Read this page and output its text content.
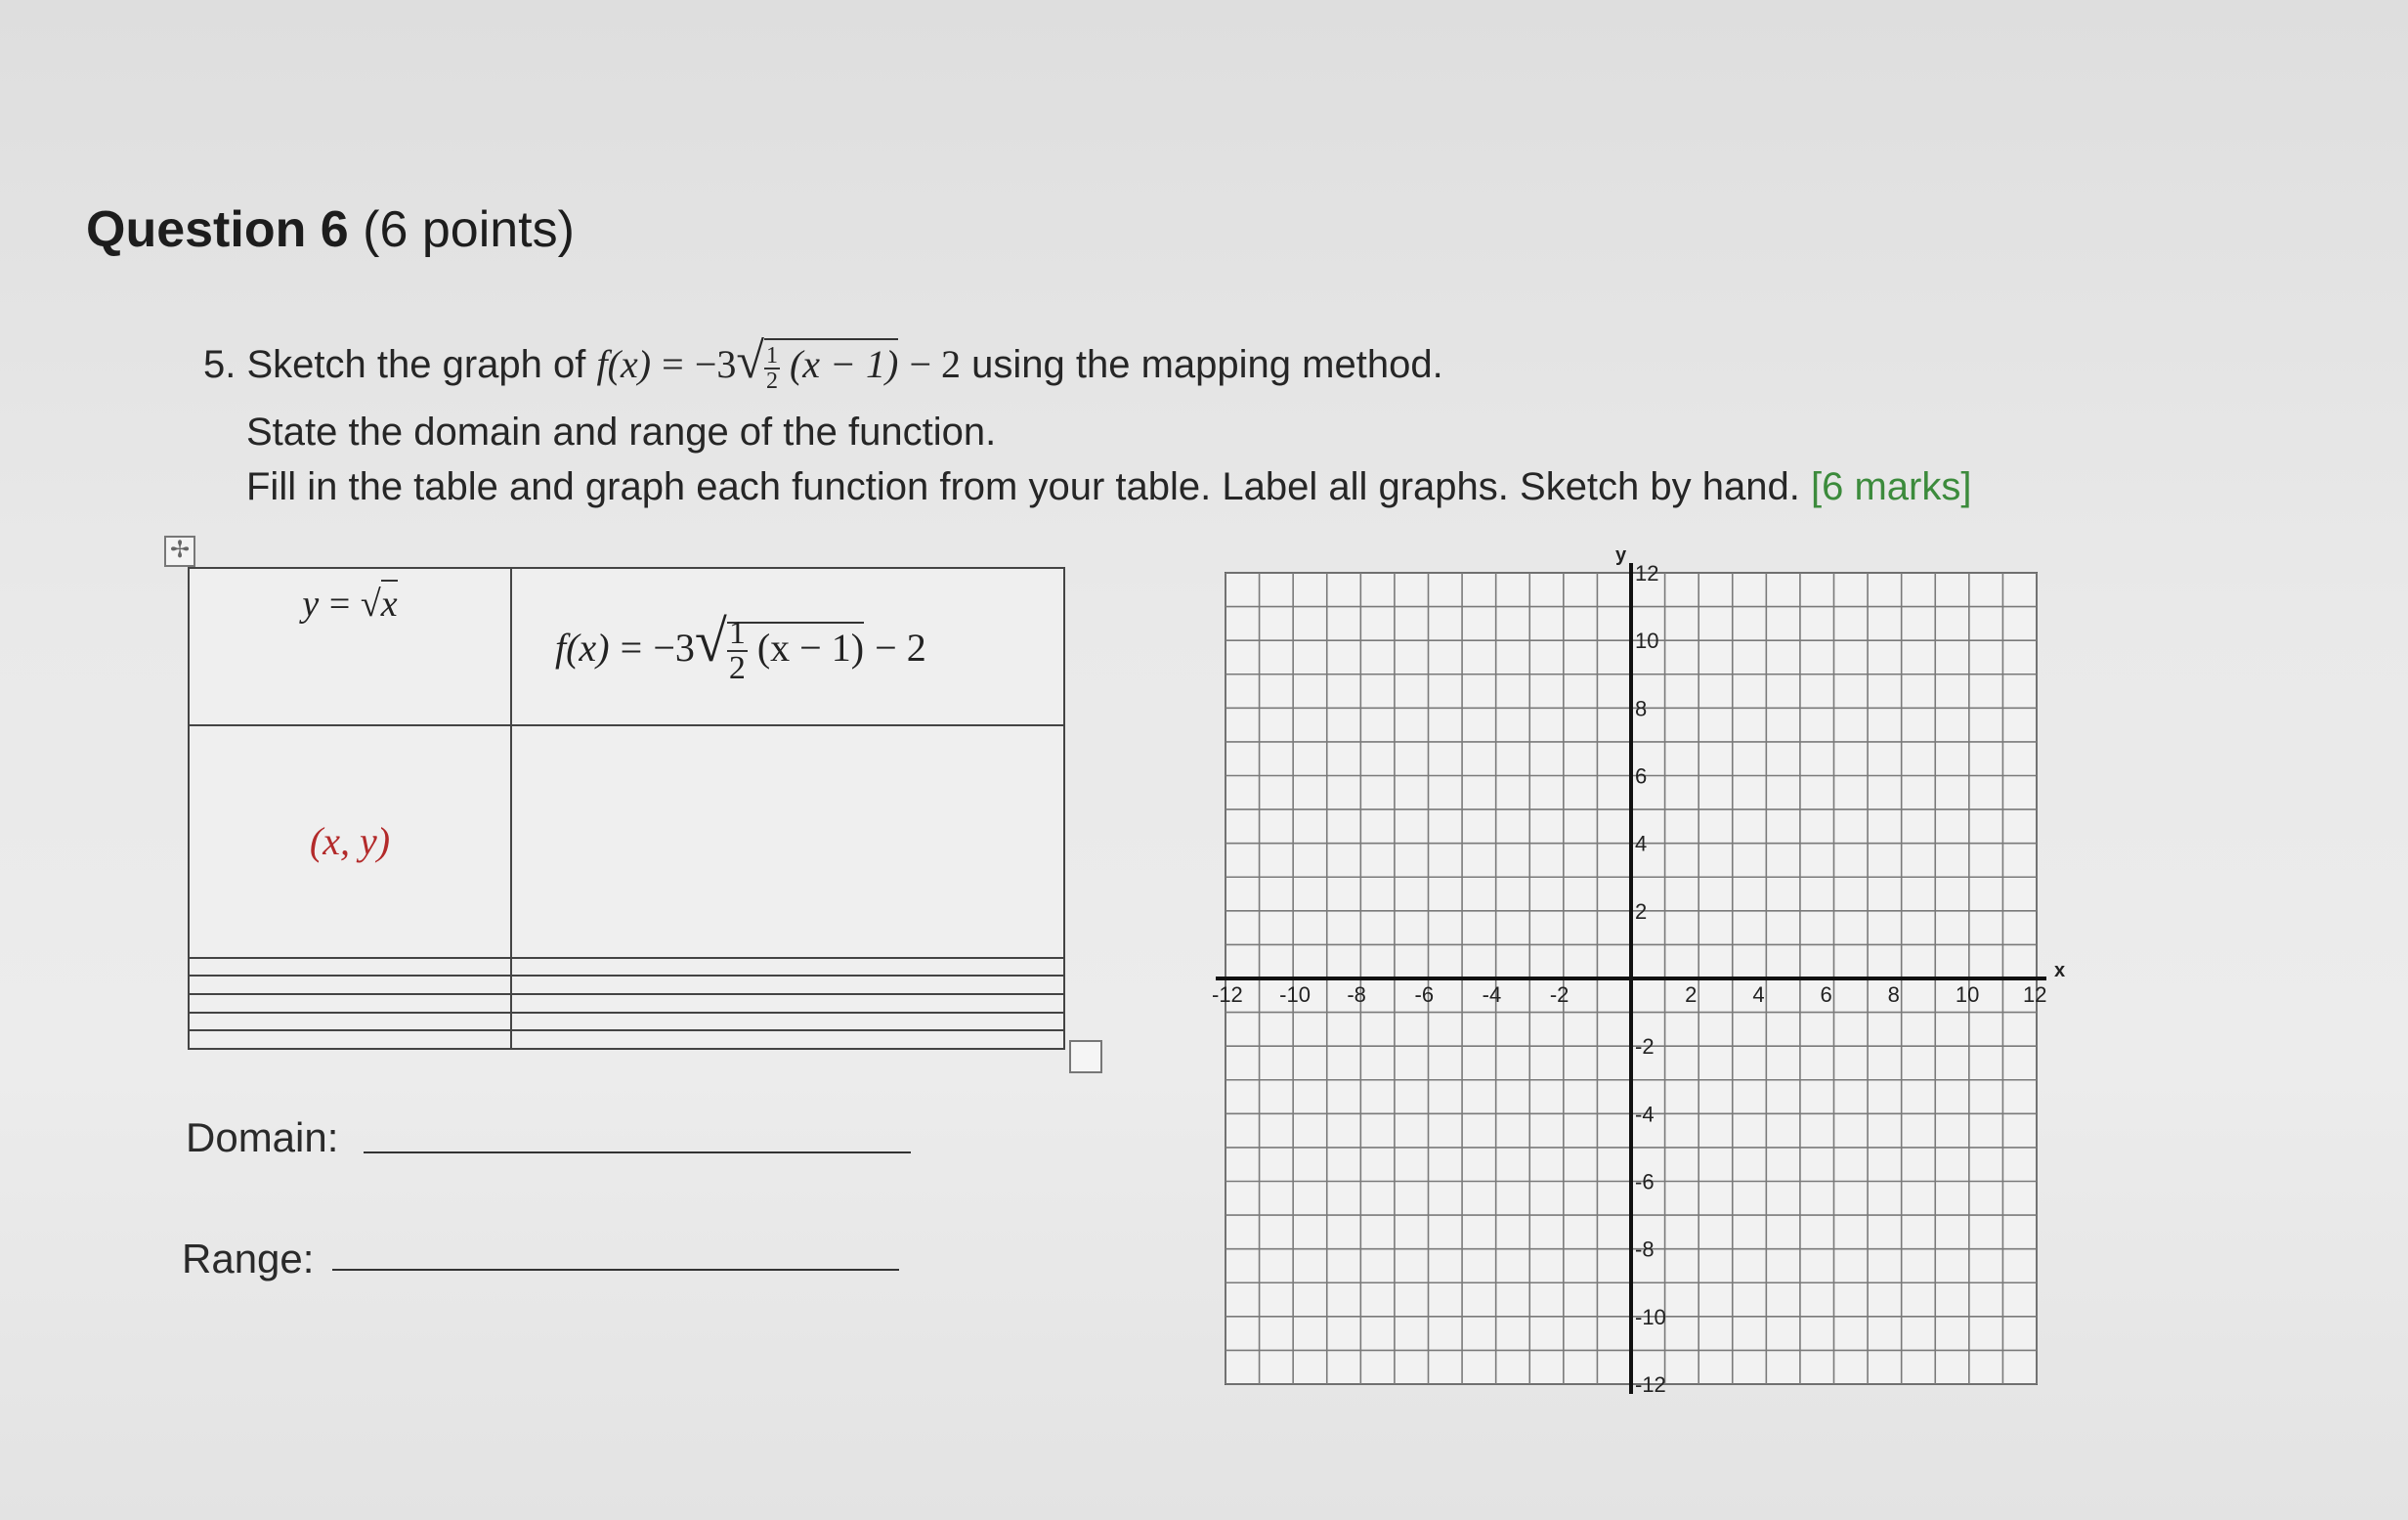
Question 6 (6 points)
5. Sketch the graph of $f(x) = -3√ \frac{1}{2} (x - 1) - 2$ using the mapping method.
State the domain and range of the function.
Fill in the table and graph each function from your table. Label all graphs. Sketch by hand. [6 marks]
✢
y = √x	$f(x) = -3√ \frac{1}{2} (x - 1) - 2$
(x, y)	

Domain:
Range:
x
y
-12 -10 -8 -6 -4 -2	2	4	6	8	10 12
12
10
8
6
4
2
-2
-4
-6
-8
-10
-12
